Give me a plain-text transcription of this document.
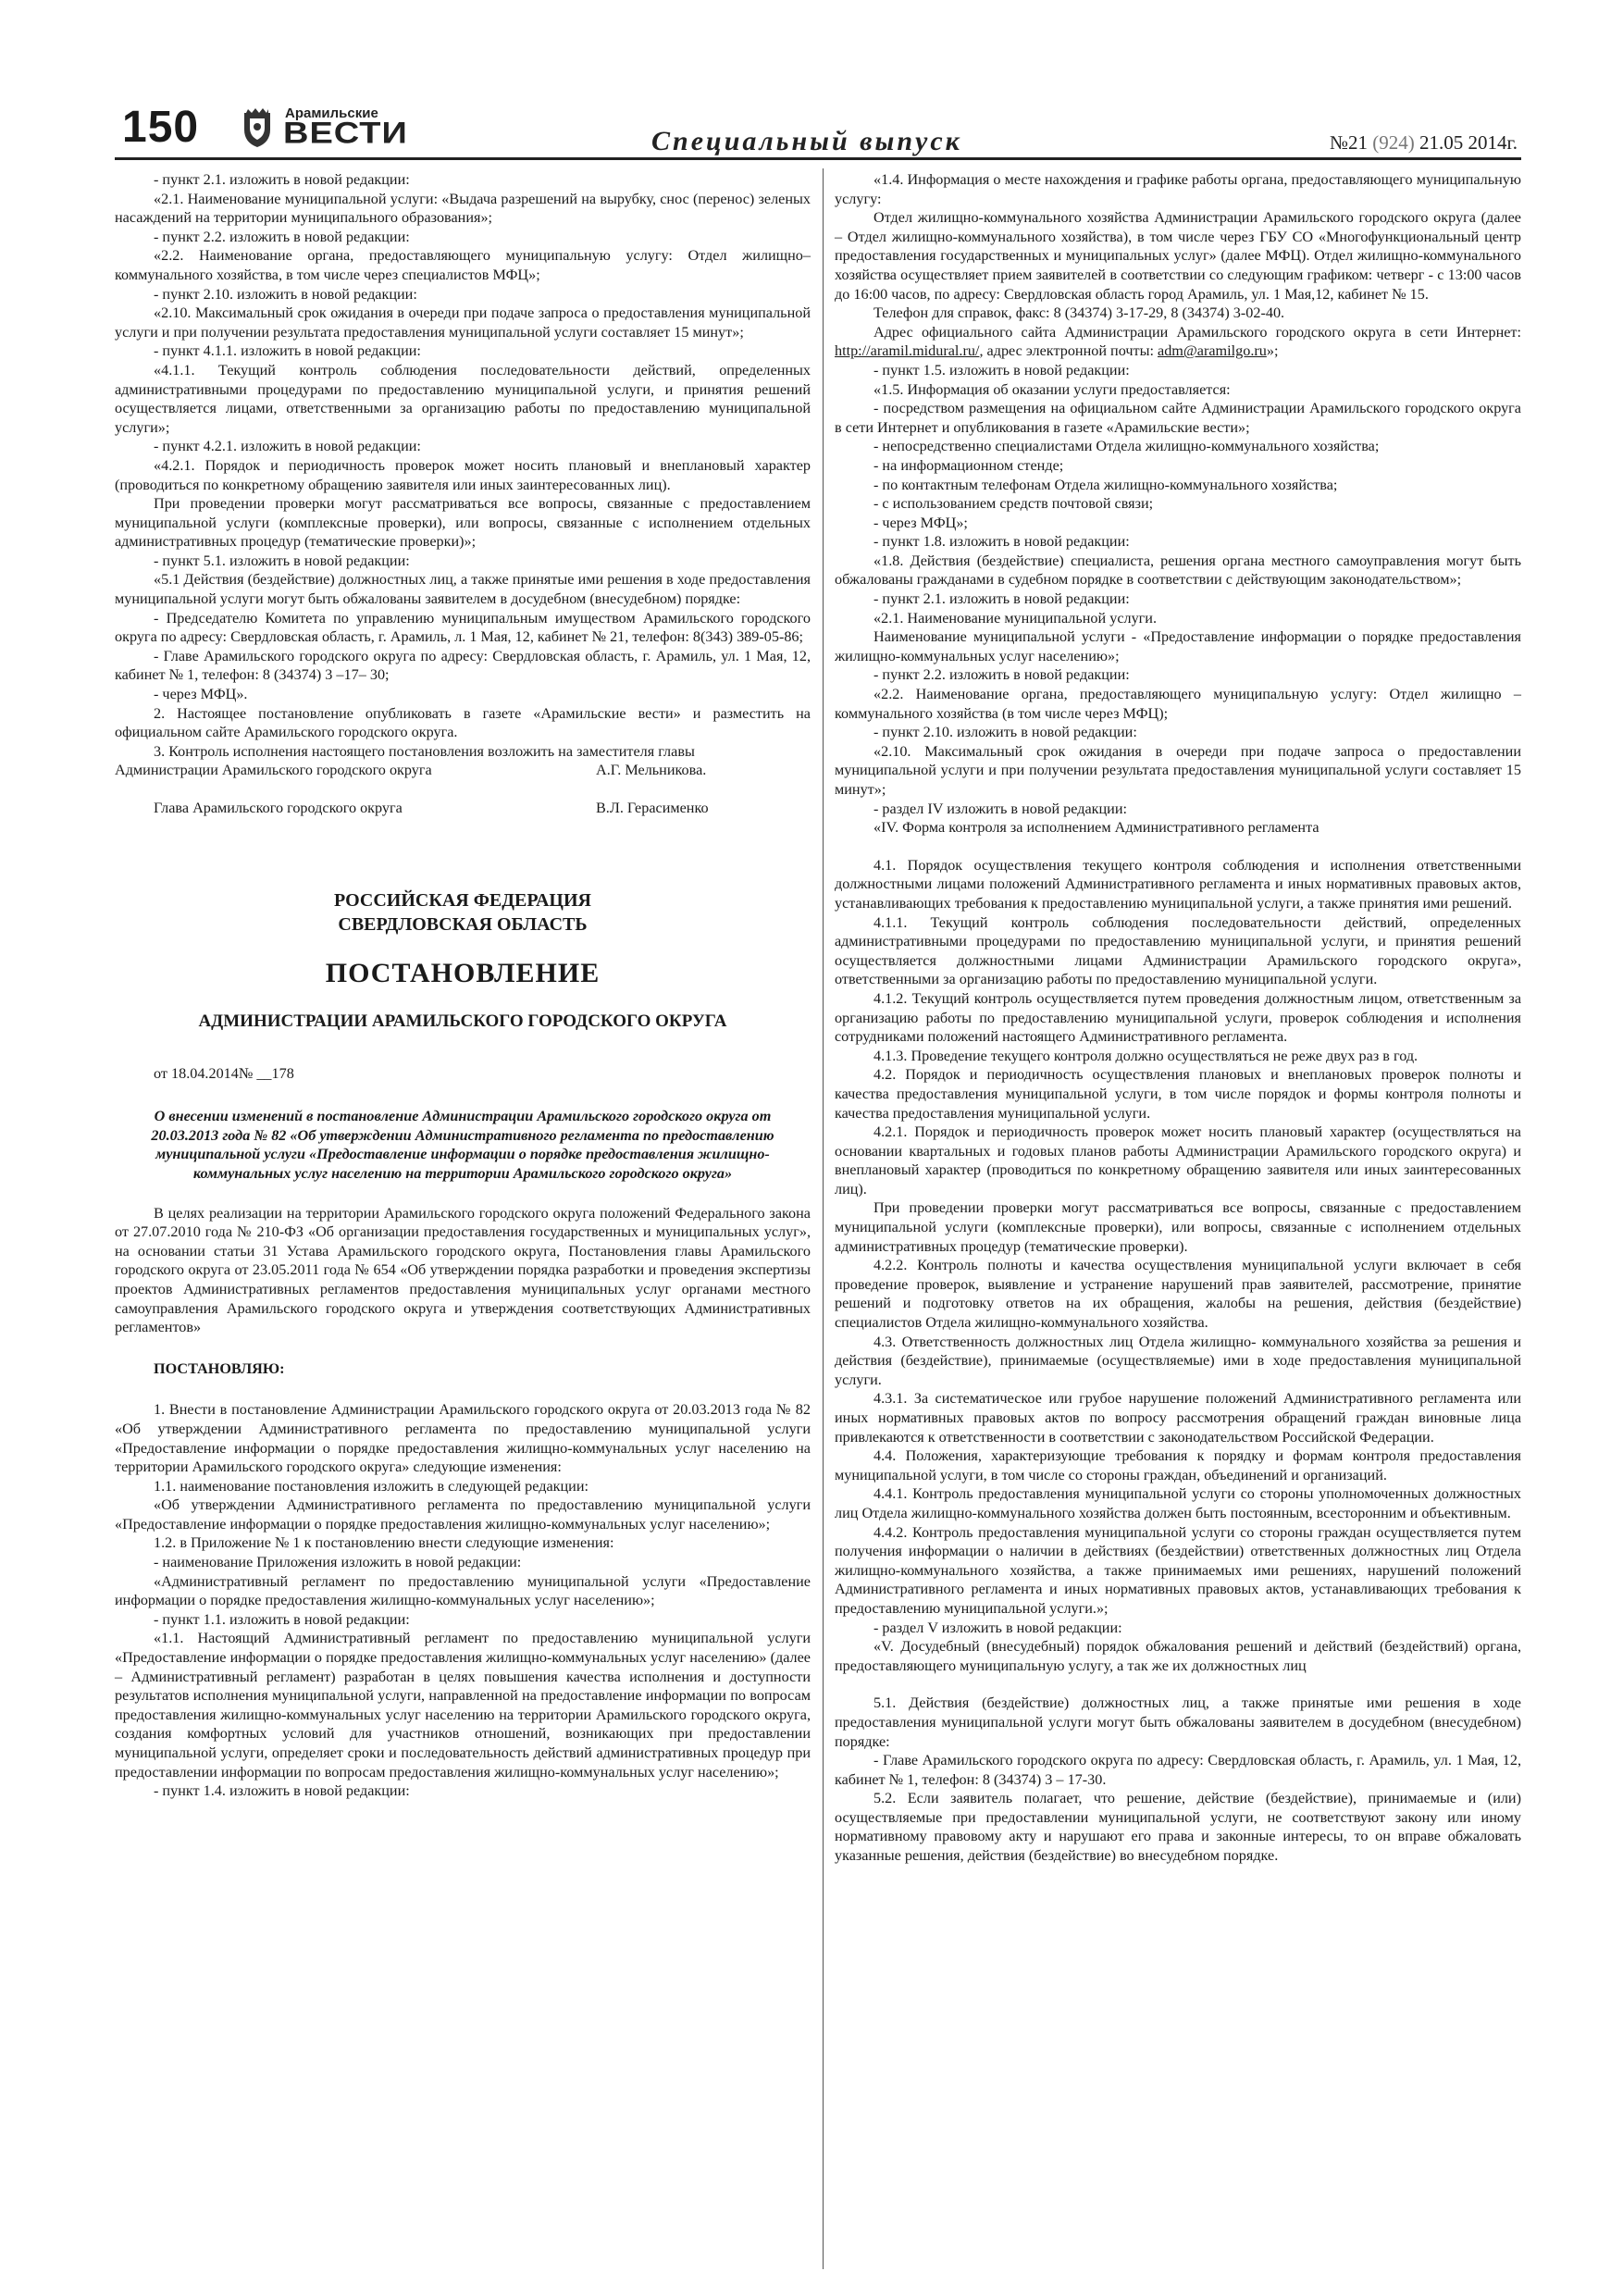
150	Арамильские
ВЕСТИ	Специальный выпуск	№21 (924) 21.05 2014г.

- пункт 2.1. изложить в новой редакции:

«2.1. Наименование муниципальной услуги: «Выдача разрешений на вырубку, снос (перенос) зеленых насаждений на территории муниципального образования»;

- пункт 2.2. изложить в новой редакции:

«2.2. Наименование органа, предоставляющего муниципальную услугу: Отдел жилищно–коммунального хозяйства, в том числе через специалистов МФЦ»;

- пункт 2.10. изложить в новой редакции:

«2.10. Максимальный срок ожидания в очереди при подаче запроса о предоставления муниципальной услуги и при получении результата предоставления муниципальной услуги составляет 15 минут»;

- пункт 4.1.1. изложить в новой редакции:

«4.1.1. Текущий контроль соблюдения последовательности действий, определенных административными процедурами по предоставлению муниципальной услуги, и принятия решений осуществляется лицами, ответственными за организацию работы по предоставлению муниципальной услуги»;

- пункт 4.2.1. изложить в новой редакции:

«4.2.1. Порядок и периодичность проверок может носить плановый и внеплановый характер (проводиться по конкретному обращению заявителя или иных заинтересованных лиц).

При проведении проверки могут рассматриваться все вопросы, связанные с предоставлением муниципальной услуги (комплексные проверки), или вопросы, связанные с исполнением отдельных административных процедур (тематические проверки)»;

- пункт 5.1. изложить в новой редакции:

«5.1 Действия (бездействие) должностных лиц, а также принятые ими решения в ходе предоставления муниципальной услуги могут быть обжалованы заявителем в досудебном (внесудебном) порядке:

- Председателю Комитета по управлению муниципальным имуществом Арамильского городского округа по адресу: Свердловская область, г. Арамиль, л. 1 Мая, 12, кабинет № 21, телефон: 8(343) 389-05-86;

- Главе Арамильского городского округа по адресу: Свердловская область, г. Арамиль, ул. 1 Мая, 12, кабинет № 1, телефон: 8 (34374) 3 –17– 30;

- через МФЦ».

2. Настоящее постановление опубликовать в газете «Арамильские вести» и разместить на официальном сайте Арамильского городского округа.

3. Контроль исполнения настоящего постановления возложить на заместителя главы

Администрации Арамильского городского округа	А.Г. Мельникова.
Глава Арамильского городского округа	В.Л. Герасименко
РОССИЙСКАЯ ФЕДЕРАЦИЯ
СВЕРДЛОВСКАЯ ОБЛАСТЬ
ПОСТАНОВЛЕНИЕ
АДМИНИСТРАЦИИ АРАМИЛЬСКОГО ГОРОДСКОГО ОКРУГА

от 18.04.2014№ __178

О внесении изменений в постановление Администрации Арамильского городского округа от 20.03.2013 года № 82 «Об утверждении Административного регламента по предоставлению муниципальной услуги «Предоставление информации о порядке предоставления жилищно-коммунальных услуг населению на территории Арамильского городского округа»

В целях реализации на территории Арамильского городского округа положений Федерального закона от 27.07.2010 года № 210-ФЗ «Об организации предоставления государственных и муниципальных услуг», на основании статьи 31 Устава Арамильского городского округа, Постановления главы Арамильского городского округа от 23.05.2011 года № 654 «Об утверждении порядка разработки и проведения экспертизы проектов Административных регламентов предоставления муниципальных услуг органами местного самоуправления Арамильского городского округа и утверждения соответствующих Административных регламентов»

ПОСТАНОВЛЯЮ:

1. Внести в постановление Администрации Арамильского городского округа от 20.03.2013 года № 82 «Об утверждении Административного регламента по предоставлению муниципальной услуги «Предоставление информации о порядке предоставления жилищно-коммунальных услуг населению на территории Арамильского городского округа» следующие изменения:

1.1. наименование постановления изложить в следующей редакции:

«Об утверждении Административного регламента по предоставлению муниципальной услуги «Предоставление информации о порядке предоставления жилищно-коммунальных услуг населению»;

1.2. в Приложение № 1 к постановлению внести следующие изменения:

- наименование Приложения изложить в новой редакции:

«Административный регламент по предоставлению муниципальной услуги «Предоставление информации о порядке предоставления жилищно-коммунальных услуг населению»;

- пункт 1.1. изложить в новой редакции:

«1.1. Настоящий Административный регламент по предоставлению муниципальной услуги «Предоставление информации о порядке предоставления жилищно-коммунальных услуг населению» (далее – Административный регламент) разработан в целях повышения качества исполнения и доступности результатов исполнения муниципальной услуги, направленной на предоставление информации по вопросам предоставления жилищно-коммунальных услуг населению на территории Арамильского городского округа, создания комфортных условий для участников отношений, возникающих при предоставлении муниципальной услуги, определяет сроки и последовательность действий административных процедур при предоставлении информации по вопросам предоставления жилищно-коммунальных услуг населению»;

- пункт 1.4. изложить в новой редакции:

«1.4. Информация о месте нахождения и графике работы органа, предоставляющего муниципальную услугу:

Отдел жилищно-коммунального хозяйства Администрации Арамильского городского округа (далее – Отдел жилищно-коммунального хозяйства), в том числе через ГБУ СО «Многофункциональный центр предоставления государственных и муниципальных услуг» (далее МФЦ). Отдел жилищно-коммунального хозяйства осуществляет прием заявителей в соответствии со следующим графиком: четверг - с 13:00 часов до 16:00 часов, по адресу: Свердловская область город Арамиль, ул. 1 Мая,12, кабинет № 15.

Телефон для справок, факс: 8 (34374) 3-17-29, 8 (34374) 3-02-40.

Адрес официального сайта Администрации Арамильского городского округа в сети Интернет: http://aramil.midural.ru/, адрес электронной почты: adm@aramilgo.ru»;

- пункт 1.5. изложить в новой редакции:

«1.5. Информация об оказании услуги предоставляется:

- посредством размещения на официальном сайте Администрации Арамильского городского округа в сети Интернет и опубликования в газете «Арамильские вести»;

- непосредственно специалистами Отдела жилищно-коммунального хозяйства;

- на информационном стенде;

- по контактным телефонам Отдела жилищно-коммунального хозяйства;

- с использованием средств почтовой связи;

- через МФЦ»;

- пункт 1.8. изложить в новой редакции:

«1.8. Действия (бездействие) специалиста, решения органа местного самоуправления могут быть обжалованы гражданами в судебном порядке в соответствии с действующим законодательством»;

- пункт 2.1. изложить в новой редакции:

«2.1. Наименование муниципальной услуги.

Наименование муниципальной услуги - «Предоставление информации о порядке предоставления жилищно-коммунальных услуг населению»;

- пункт 2.2. изложить в новой редакции:

«2.2. Наименование органа, предоставляющего муниципальную услугу: Отдел жилищно – коммунального хозяйства (в том числе через МФЦ);

- пункт 2.10. изложить в новой редакции:

«2.10. Максимальный срок ожидания в очереди при подаче запроса о предоставлении муниципальной услуги и при получении результата предоставления муниципальной услуги составляет 15 минут»;

- раздел IV изложить в новой редакции:

«IV. Форма контроля за исполнением Административного регламента

4.1. Порядок осуществления текущего контроля соблюдения и исполнения ответственными должностными лицами положений Административного регламента и иных нормативных правовых актов, устанавливающих требования к предоставлению муниципальной услуги, а также принятия ими решений.

4.1.1. Текущий контроль соблюдения последовательности действий, определенных административными процедурами по предоставлению муниципальной услуги, и принятия решений осуществляется должностными лицами Администрации Арамильского городского округа», ответственными за организацию работы по предоставлению муниципальной услуги.

4.1.2. Текущий контроль осуществляется путем проведения должностным лицом, ответственным за организацию работы по предоставлению муниципальной услуги, проверок соблюдения и исполнения сотрудниками положений настоящего Административного регламента.

4.1.3. Проведение текущего контроля должно осуществляться не реже двух раз в год.

4.2. Порядок и периодичность осуществления плановых и внеплановых проверок полноты и качества предоставления муниципальной услуги, в том числе порядок и формы контроля полноты и качества предоставления муниципальной услуги.

4.2.1. Порядок и периодичность проверок может носить плановый характер (осуществляться на основании квартальных и годовых планов работы Администрации Арамильского городского округа) и внеплановый характер (проводиться по конкретному обращению заявителя или иных заинтересованных лиц).

При проведении проверки могут рассматриваться все вопросы, связанные с предоставлением муниципальной услуги (комплексные проверки), или вопросы, связанные с исполнением отдельных административных процедур (тематические проверки).

4.2.2. Контроль полноты и качества осуществления муниципальной услуги включает в себя проведение проверок, выявление и устранение нарушений прав заявителей, рассмотрение, принятие решений и подготовку ответов на их обращения, жалобы на решения, действия (бездействие) специалистов Отдела жилищно-коммунального хозяйства.

4.3. Ответственность должностных лиц Отдела жилищно- коммунального хозяйства за решения и действия (бездействие), принимаемые (осуществляемые) ими в ходе предоставления муниципальной услуги.

4.3.1. За систематическое или грубое нарушение положений Административного регламента или иных нормативных правовых актов по вопросу рассмотрения обращений граждан виновные лица привлекаются к ответственности в соответствии с законодательством Российской Федерации.

4.4. Положения, характеризующие требования к порядку и формам контроля предоставления муниципальной услуги, в том числе со стороны граждан, объединений и организаций.

4.4.1. Контроль предоставления муниципальной услуги со стороны уполномоченных должностных лиц Отдела жилищно-коммунального хозяйства должен быть постоянным, всесторонним и объективным.

4.4.2. Контроль предоставления муниципальной услуги со стороны граждан осуществляется путем получения информации о наличии в действиях (бездействии) ответственных должностных лиц Отдела жилищно-коммунального хозяйства, а также принимаемых ими решениях, нарушений положений Административного регламента и иных нормативных правовых актов, устанавливающих требования к предоставлению муниципальной услуги.»;

- раздел V изложить в новой редакции:

«V. Досудебный (внесудебный) порядок обжалования решений и действий (бездействий) органа, предоставляющего муниципальную услугу, а так же их должностных лиц

5.1. Действия (бездействие) должностных лиц, а также принятые ими решения в ходе предоставления муниципальной услуги могут быть обжалованы заявителем в досудебном (внесудебном) порядке:

- Главе Арамильского городского округа по адресу: Свердловская область, г. Арамиль, ул. 1 Мая, 12, кабинет № 1, телефон: 8 (34374) 3 – 17-30.

5.2. Если заявитель полагает, что решение, действие (бездействие), принимаемые и (или) осуществляемые при предоставлении муниципальной услуги, не соответствуют закону или иному нормативному правовому акту и нарушают его права и законные интересы, то он вправе обжаловать указанные решения, действия (бездействие) во внесудебном порядке.
